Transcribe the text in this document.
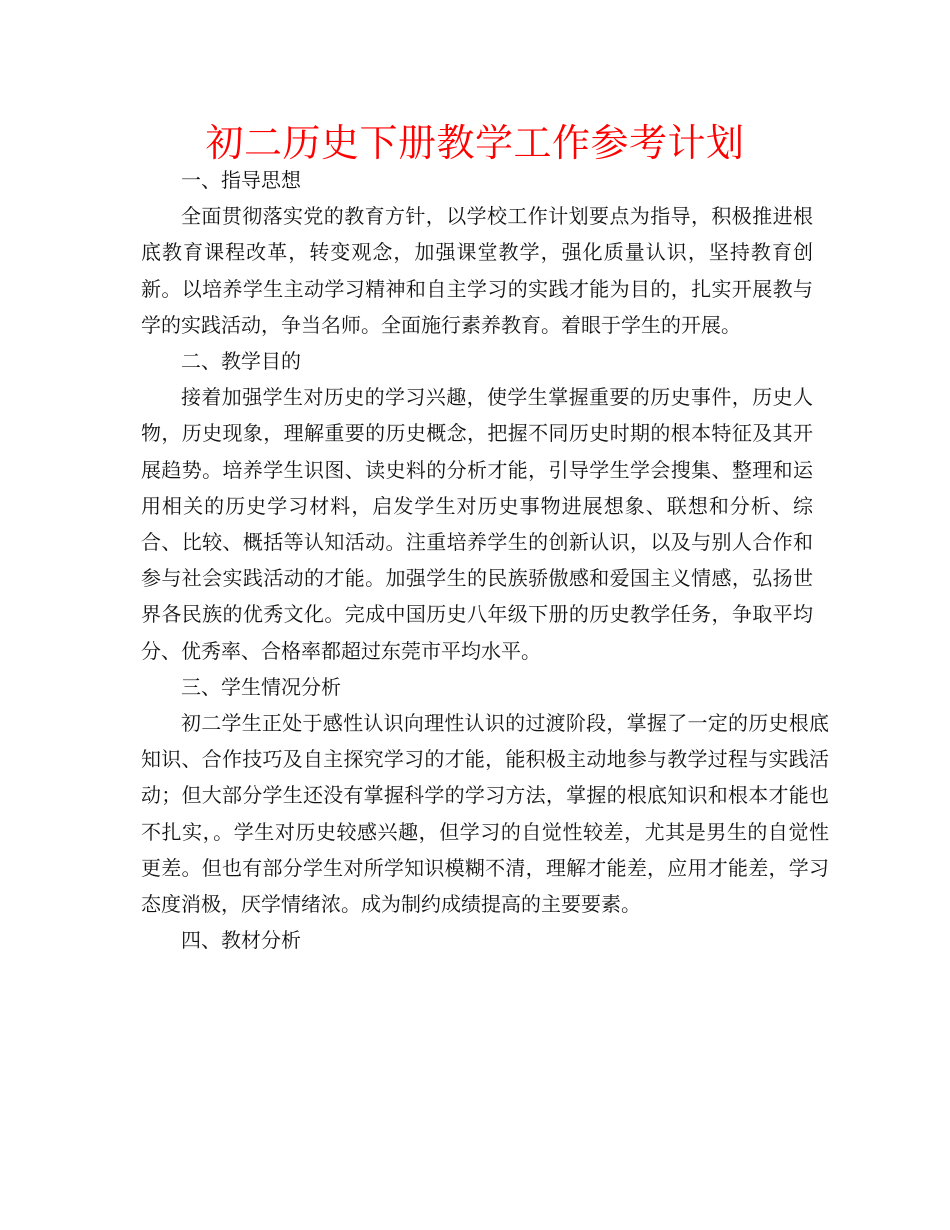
初二历史下册教学工作参考计划

一、指导思想

全面贯彻落实党的教育方针，以学校工作计划要点为指导，积极推进根底教育课程改革，转变观念，加强课堂教学，强化质量认识，坚持教育创新。以培养学生主动学习精神和自主学习的实践才能为目的，扎实开展教与学的实践活动，争当名师。全面施行素养教育。着眼于学生的开展。

二、教学目的

接着加强学生对历史的学习兴趣，使学生掌握重要的历史事件，历史人物，历史现象，理解重要的历史概念，把握不同历史时期的根本特征及其开展趋势。培养学生识图、读史料的分析才能，引导学生学会搜集、整理和运用相关的历史学习材料，启发学生对历史事物进展想象、联想和分析、综合、比较、概括等认知活动。注重培养学生的创新认识，以及与别人合作和参与社会实践活动的才能。加强学生的民族骄傲感和爱国主义情感，弘扬世界各民族的优秀文化。完成中国历史八年级下册的历史教学任务，争取平均分、优秀率、合格率都超过东莞市平均水平。

三、学生情况分析

初二学生正处于感性认识向理性认识的过渡阶段，掌握了一定的历史根底知识、合作技巧及自主探究学习的才能，能积极主动地参与教学过程与实践活动；但大部分学生还没有掌握科学的学习方法，掌握的根底知识和根本才能也不扎实，。学生对历史较感兴趣，但学习的自觉性较差，尤其是男生的自觉性更差。但也有部分学生对所学知识模糊不清，理解才能差，应用才能差，学习态度消极，厌学情绪浓。成为制约成绩提高的主要要素。

四、教材分析
